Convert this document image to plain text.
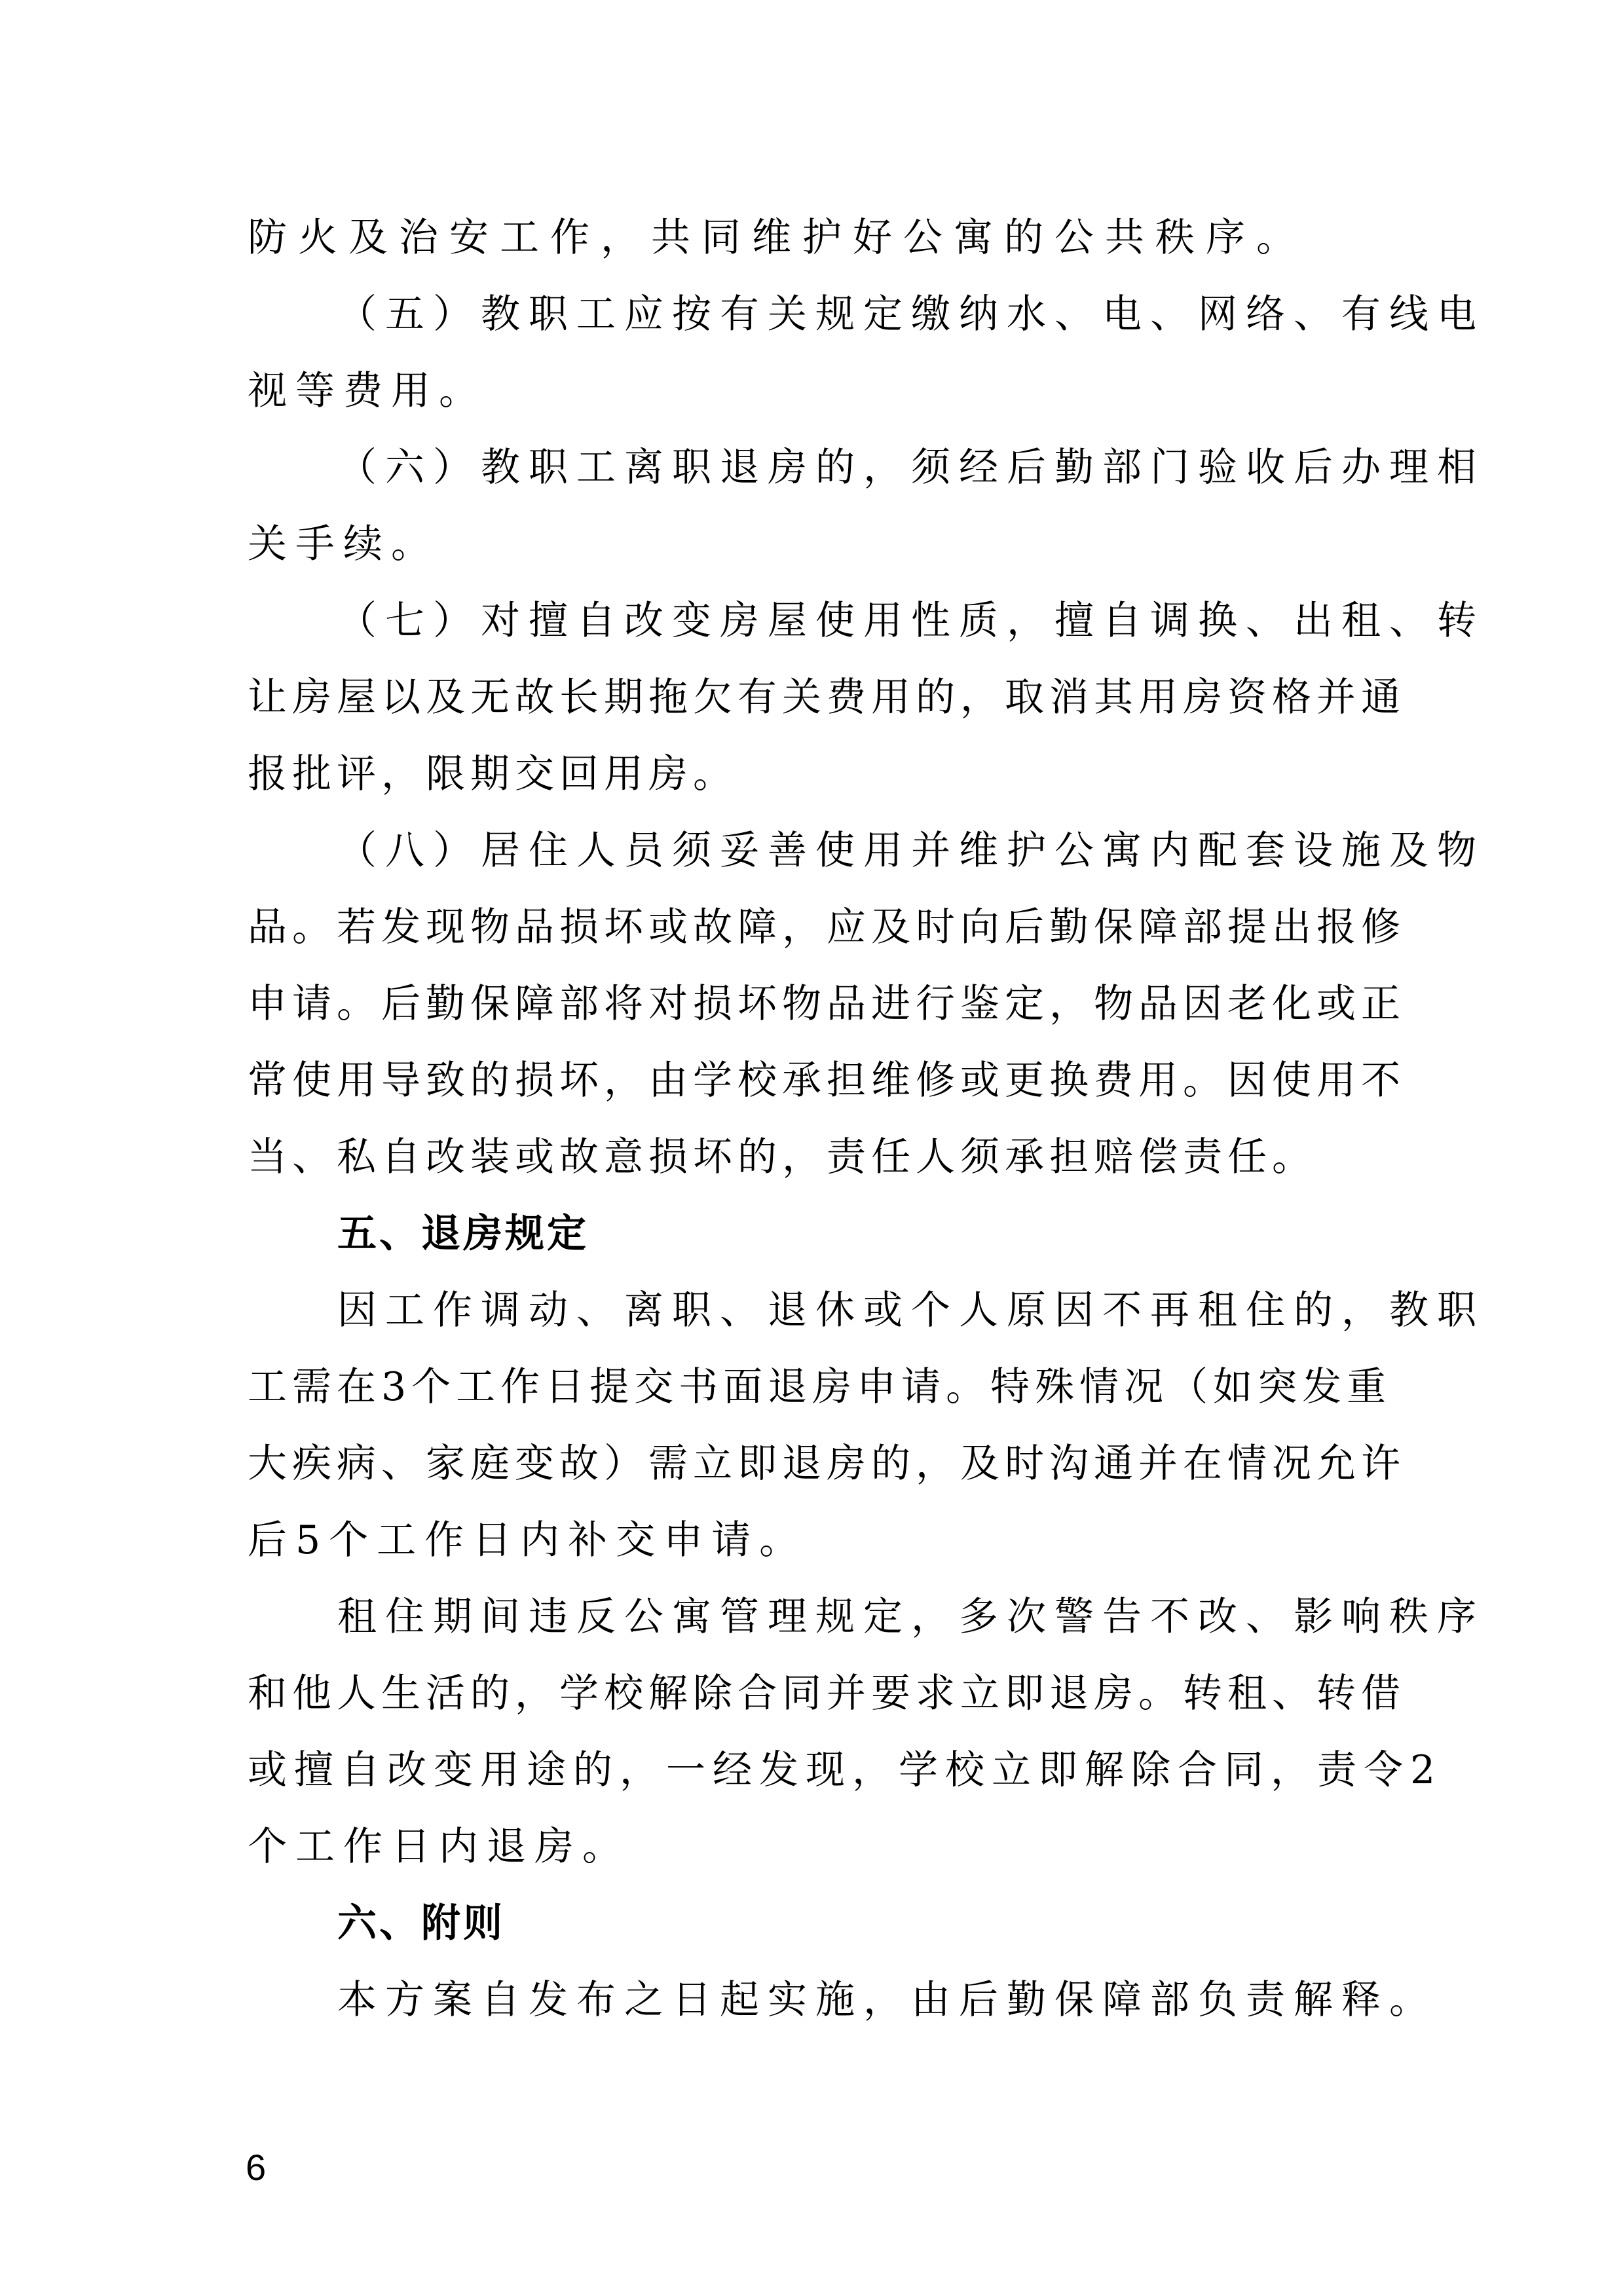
防火及治安工作，共同维护好公寓的公共秩序。
（五）教职工应按有关规定缴纳水、电、网络、有线电
视等费用。
（六）教职工离职退房的，须经后勤部门验收后办理相
关手续。
（七）对擅自改变房屋使用性质，擅自调换、出租、转
让房屋以及无故长期拖欠有关费用的，取消其用房资格并通
报批评，限期交回用房。
（八）居住人员须妥善使用并维护公寓内配套设施及物
品。若发现物品损坏或故障，应及时向后勤保障部提出报修
申请。后勤保障部将对损坏物品进行鉴定，物品因老化或正
常使用导致的损坏，由学校承担维修或更换费用。因使用不
当、私自改装或故意损坏的，责任人须承担赔偿责任。
五、退房规定
因工作调动、离职、退休或个人原因不再租住的，教职
工需在3个工作日提交书面退房申请。特殊情况（如突发重
大疾病、家庭变故）需立即退房的，及时沟通并在情况允许
后5个工作日内补交申请。
租住期间违反公寓管理规定，多次警告不改、影响秩序
和他人生活的，学校解除合同并要求立即退房。转租、转借
或擅自改变用途的，一经发现，学校立即解除合同，责令2
个工作日内退房。
六、附则
本方案自发布之日起实施，由后勤保障部负责解释。
6
